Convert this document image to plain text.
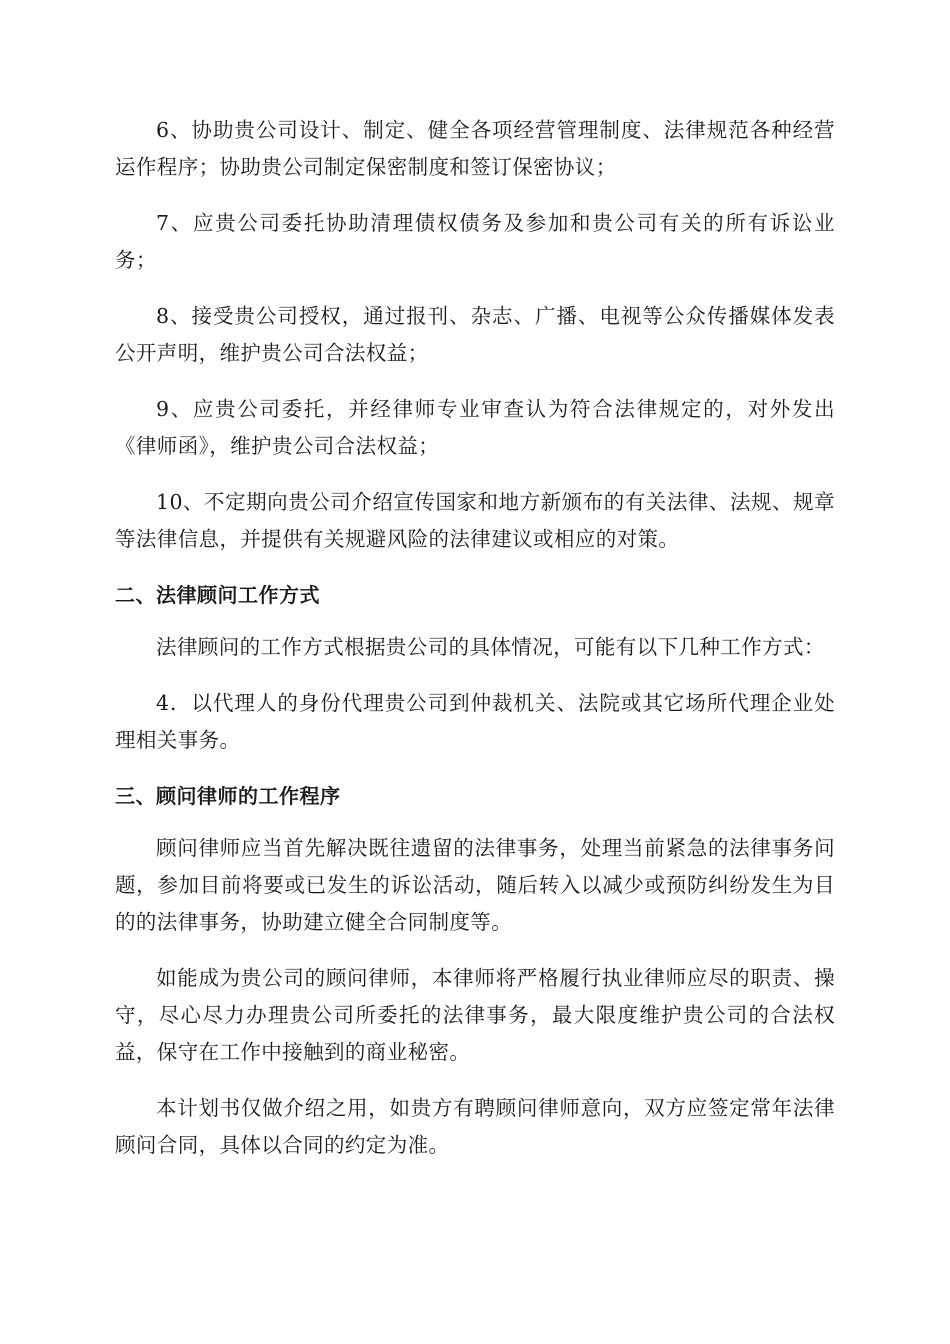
6、协助贵公司设计、制定、健全各项经营管理制度、法律规范各种经营运作程序；协助贵公司制定保密制度和签订保密协议；

7、应贵公司委托协助清理债权债务及参加和贵公司有关的所有诉讼业务；

8、接受贵公司授权，通过报刊、杂志、广播、电视等公众传播媒体发表公开声明，维护贵公司合法权益；

9、应贵公司委托，并经律师专业审查认为符合法律规定的，对外发出《律师函》，维护贵公司合法权益；

10、不定期向贵公司介绍宣传国家和地方新颁布的有关法律、法规、规章等法律信息，并提供有关规避风险的法律建议或相应的对策。

二、法律顾问工作方式

法律顾问的工作方式根据贵公司的具体情况，可能有以下几种工作方式：

4．以代理人的身份代理贵公司到仲裁机关、法院或其它场所代理企业处理相关事务。

三、顾问律师的工作程序

顾问律师应当首先解决既往遗留的法律事务，处理当前紧急的法律事务问题，参加目前将要或已发生的诉讼活动，随后转入以减少或预防纠纷发生为目的的法律事务，协助建立健全合同制度等。

如能成为贵公司的顾问律师，本律师将严格履行执业律师应尽的职责、操守，尽心尽力办理贵公司所委托的法律事务，最大限度维护贵公司的合法权益，保守在工作中接触到的商业秘密。

本计划书仅做介绍之用，如贵方有聘顾问律师意向，双方应签定常年法律顾问合同，具体以合同的约定为准。
